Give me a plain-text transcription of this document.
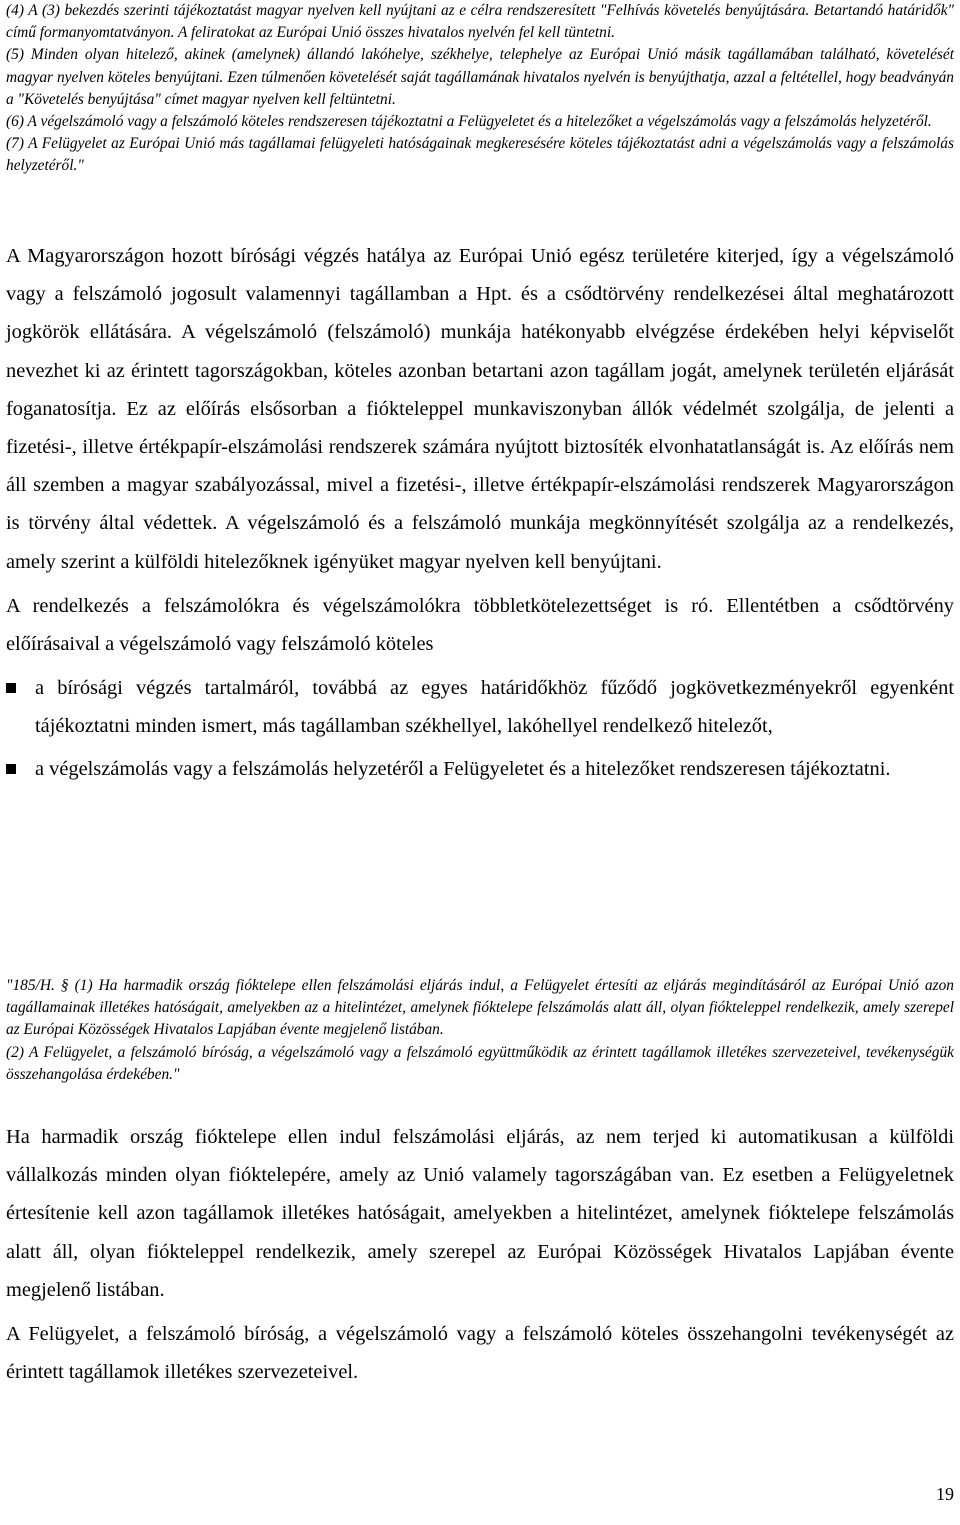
(4) A (3) bekezdés szerinti tájékoztatást magyar nyelven kell nyújtani az e célra rendszeresített "Felhívás követelés benyújtására. Betartandó határidők" című formanyomtatványon. A feliratokat az Európai Unió összes hivatalos nyelvén fel kell tüntetni.

(5) Minden olyan hitelező, akinek (amelynek) állandó lakóhelye, székhelye, telephelye az Európai Unió másik tagállamában található, követelését magyar nyelven köteles benyújtani. Ezen túlmenően követelését saját tagállamának hivatalos nyelvén is benyújthatja, azzal a feltétellel, hogy beadványán a "Követelés benyújtása" címet magyar nyelven kell feltüntetni.

(6) A végelszámoló vagy a felszámoló köteles rendszeresen tájékoztatni a Felügyeletet és a hitelezőket a végelszámolás vagy a felszámolás helyzetéről.

(7) A Felügyelet az Európai Unió más tagállamai felügyeleti hatóságainak megkeresésére köteles tájékoztatást adni a végelszámolás vagy a felszámolás helyzetéről."

A Magyarországon hozott bírósági végzés hatálya az Európai Unió egész területére kiterjed, így a végelszámoló vagy a felszámoló jogosult valamennyi tagállamban a Hpt. és a csődtörvény rendelkezései által meghatározott jogkörök ellátására. A végelszámoló (felszámoló) munkája hatékonyabb elvégzése érdekében helyi képviselőt nevezhet ki az érintett tagországokban, köteles azonban betartani azon tagállam jogát, amelynek területén eljárását foganatosítja. Ez az előírás elsősorban a fiókteleppel munkaviszonyban állók védelmét szolgálja, de jelenti a fizetési-, illetve értékpapír-elszámolási rendszerek számára nyújtott biztosíték elvonhatatlanságát is. Az előírás nem áll szemben a magyar szabályozással, mivel a fizetési-, illetve értékpapír-elszámolási rendszerek Magyarországon is törvény által védettek. A végelszámoló és a felszámoló munkája megkönnyítését szolgálja az a rendelkezés, amely szerint a külföldi hitelezőknek igényüket magyar nyelven kell benyújtani.

A rendelkezés a felszámolókra és végelszámolókra többletkötelezettséget is ró. Ellentétben a csődtörvény előírásaival a végelszámoló vagy felszámoló köteles

a bírósági végzés tartalmáról, továbbá az egyes határidőkhöz fűződő jogkövetkezményekről egyenként tájékoztatni minden ismert, más tagállamban székhellyel, lakóhellyel rendelkező hitelezőt,
a végelszámolás vagy a felszámolás helyzetéről a Felügyeletet és a hitelezőket rendszeresen tájékoztatni.

"185/H. § (1) Ha harmadik ország fióktelepe ellen felszámolási eljárás indul, a Felügyelet értesíti az eljárás megindításáról az Európai Unió azon tagállamainak illetékes hatóságait, amelyekben az a hitelintézet, amelynek fióktelepe felszámolás alatt áll, olyan fiókteleppel rendelkezik, amely szerepel az Európai Közösségek Hivatalos Lapjában évente megjelenő listában.

(2) A Felügyelet, a felszámoló bíróság, a végelszámoló vagy a felszámoló együttműködik az érintett tagállamok illetékes szervezeteivel, tevékenységük összehangolása érdekében."

Ha harmadik ország fióktelepe ellen indul felszámolási eljárás, az nem terjed ki automatikusan a külföldi vállalkozás minden olyan fióktelepére, amely az Unió valamely tagországában van. Ez esetben a Felügyeletnek értesítenie kell azon tagállamok illetékes hatóságait, amelyekben a hitelintézet, amelynek fióktelepe felszámolás alatt áll, olyan fiókteleppel rendelkezik, amely szerepel az Európai Közösségek Hivatalos Lapjában évente megjelenő listában.

A Felügyelet, a felszámoló bíróság, a végelszámoló vagy a felszámoló köteles összehangolni tevékenységét az érintett tagállamok illetékes szervezeteivel.

19
